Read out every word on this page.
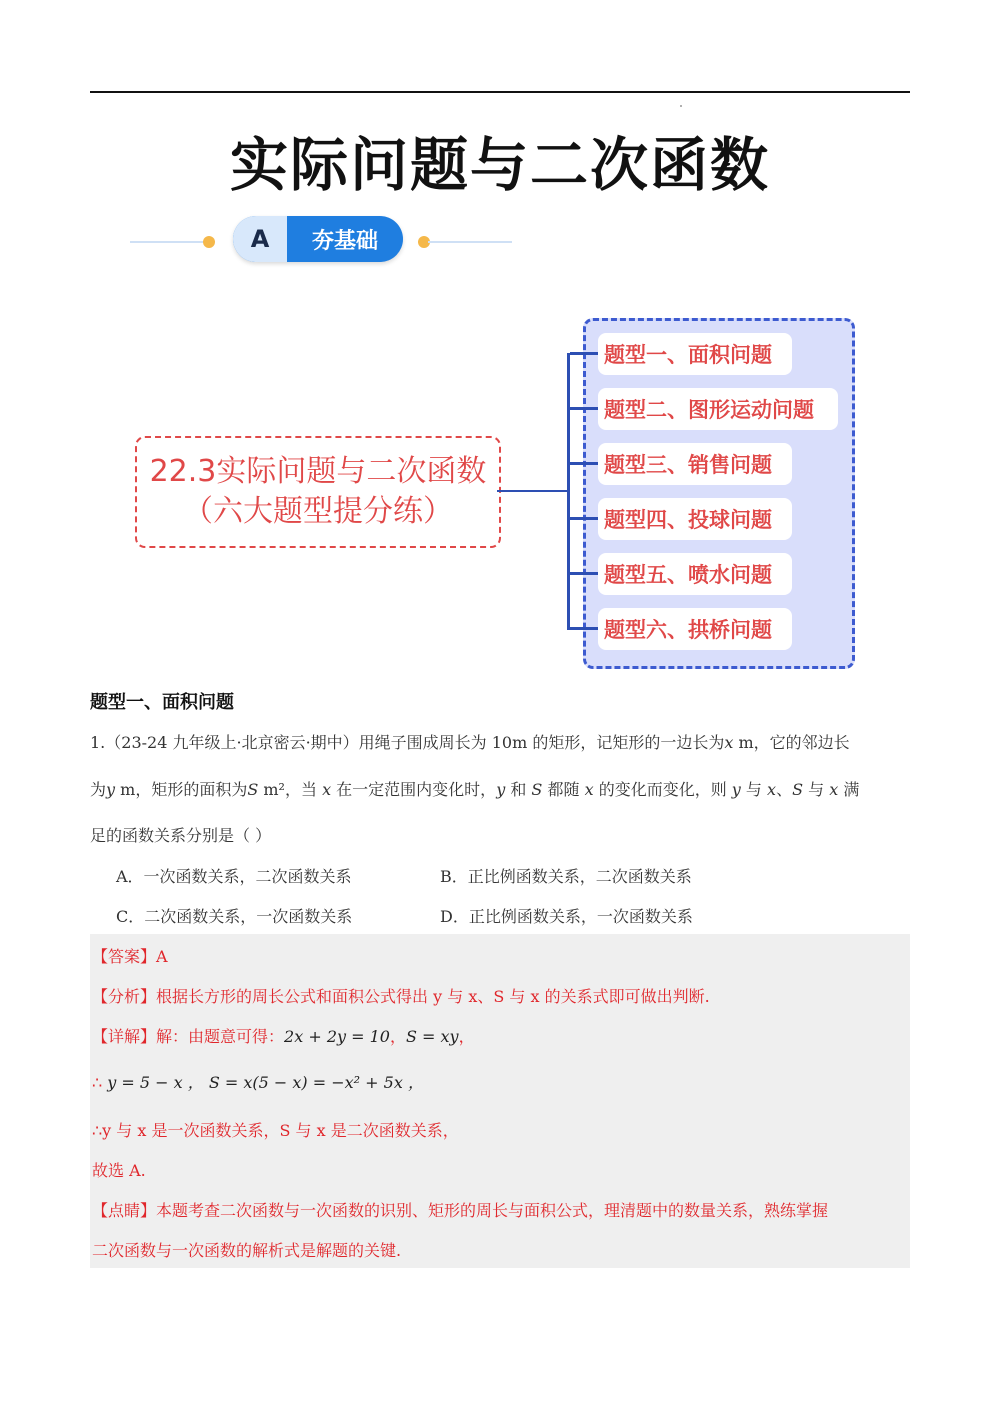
实际问题与二次函数
A	夯基础
22.3实际问题与二次函数
（六大题型提分练）
题型一、面积问题
题型二、图形运动问题
题型三、销售问题
题型四、投球问题
题型五、喷水问题
题型六、拱桥问题
题型一、面积问题
1.（23-24 九年级上·北京密云·期中）用绳子围成周长为 10m 的矩形，记矩形的一边长为x m，它的邻边长
为y m，矩形的面积为S m²，当 x 在一定范围内变化时，y 和 S 都随 x 的变化而变化，则 y 与 x、S 与 x 满
足的函数关系分别是（ ）
A．一次函数关系，二次函数关系	B．正比例函数关系，二次函数关系
C．二次函数关系，一次函数关系	D．正比例函数关系，一次函数关系
【答案】A
【分析】根据长方形的周长公式和面积公式得出 y 与 x、S 与 x 的关系式即可做出判断.
【详解】解：由题意可得：2x + 2y = 10，S = xy，
∴ y = 5 − x ， S = x(5 − x) = −x² + 5x ，
∴y 与 x 是一次函数关系，S 与 x 是二次函数关系，
故选 A.
【点睛】本题考查二次函数与一次函数的识别、矩形的周长与面积公式，理清题中的数量关系，熟练掌握
二次函数与一次函数的解析式是解题的关键.
